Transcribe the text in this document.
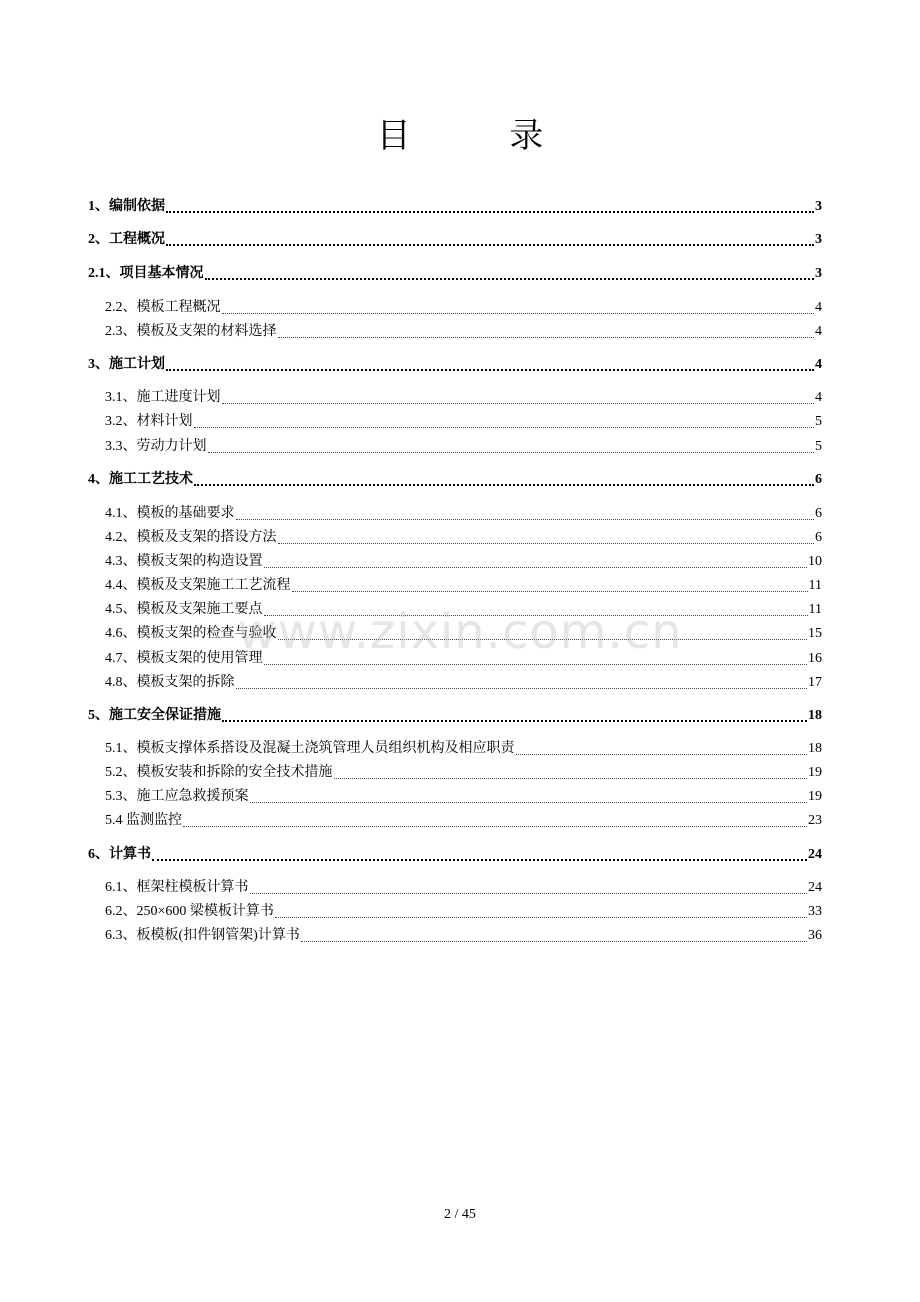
目 录
1、编制依据	3
2、工程概况	3
2.1、项目基本情况	3
2.2、模板工程概况	4
2.3、模板及支架的材料选择	4
3、施工计划	4
3.1、施工进度计划	4
3.2、材料计划	5
3.3、劳动力计划	5
4、施工工艺技术	6
4.1、模板的基础要求	6
4.2、模板及支架的搭设方法	6
4.3、模板支架的构造设置	10
4.4、模板及支架施工工艺流程	11
4.5、模板及支架施工要点	11
4.6、模板支架的检查与验收	15
4.7、模板支架的使用管理	16
4.8、模板支架的拆除	17
5、施工安全保证措施	18
5.1、模板支撑体系搭设及混凝土浇筑管理人员组织机构及相应职责	18
5.2、模板安装和拆除的安全技术措施	19
5.3、施工应急救援预案	19
5.4 监测监控	23
6、计算书	24
6.1、框架柱模板计算书	24
6.2、250×600 梁模板计算书	33
6.3、板模板(扣件钢管架)计算书	36
www.zixin.com.cn
2 / 45
